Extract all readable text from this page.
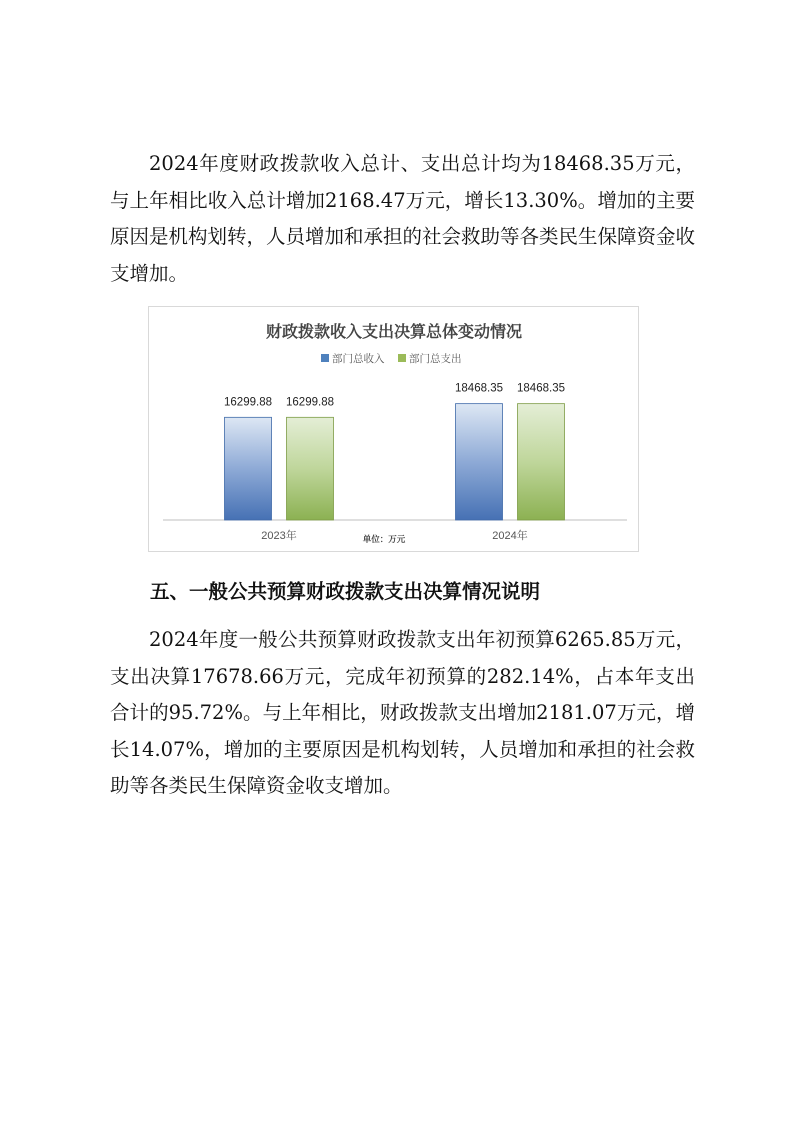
2024年度财政拨款收入总计、支出总计均为18468.35万元，与上年相比收入总计增加2168.47万元，增长13.30%。增加的主要原因是机构划转，人员增加和承担的社会救助等各类民生保障资金收支增加。

财政拨款收入支出决算总体变动情况
部门总收入 部门总支出
16299.88 16299.88
18468.35 18468.35
2023年	2024年
单位：万元
五、一般公共预算财政拨款支出决算情况说明

2024年度一般公共预算财政拨款支出年初预算6265.85万元，支出决算17678.66万元，完成年初预算的282.14%，占本年支出合计的95.72%。与上年相比，财政拨款支出增加2181.07万元，增长14.07%，增加的主要原因是机构划转，人员增加和承担的社会救助等各类民生保障资金收支增加。
